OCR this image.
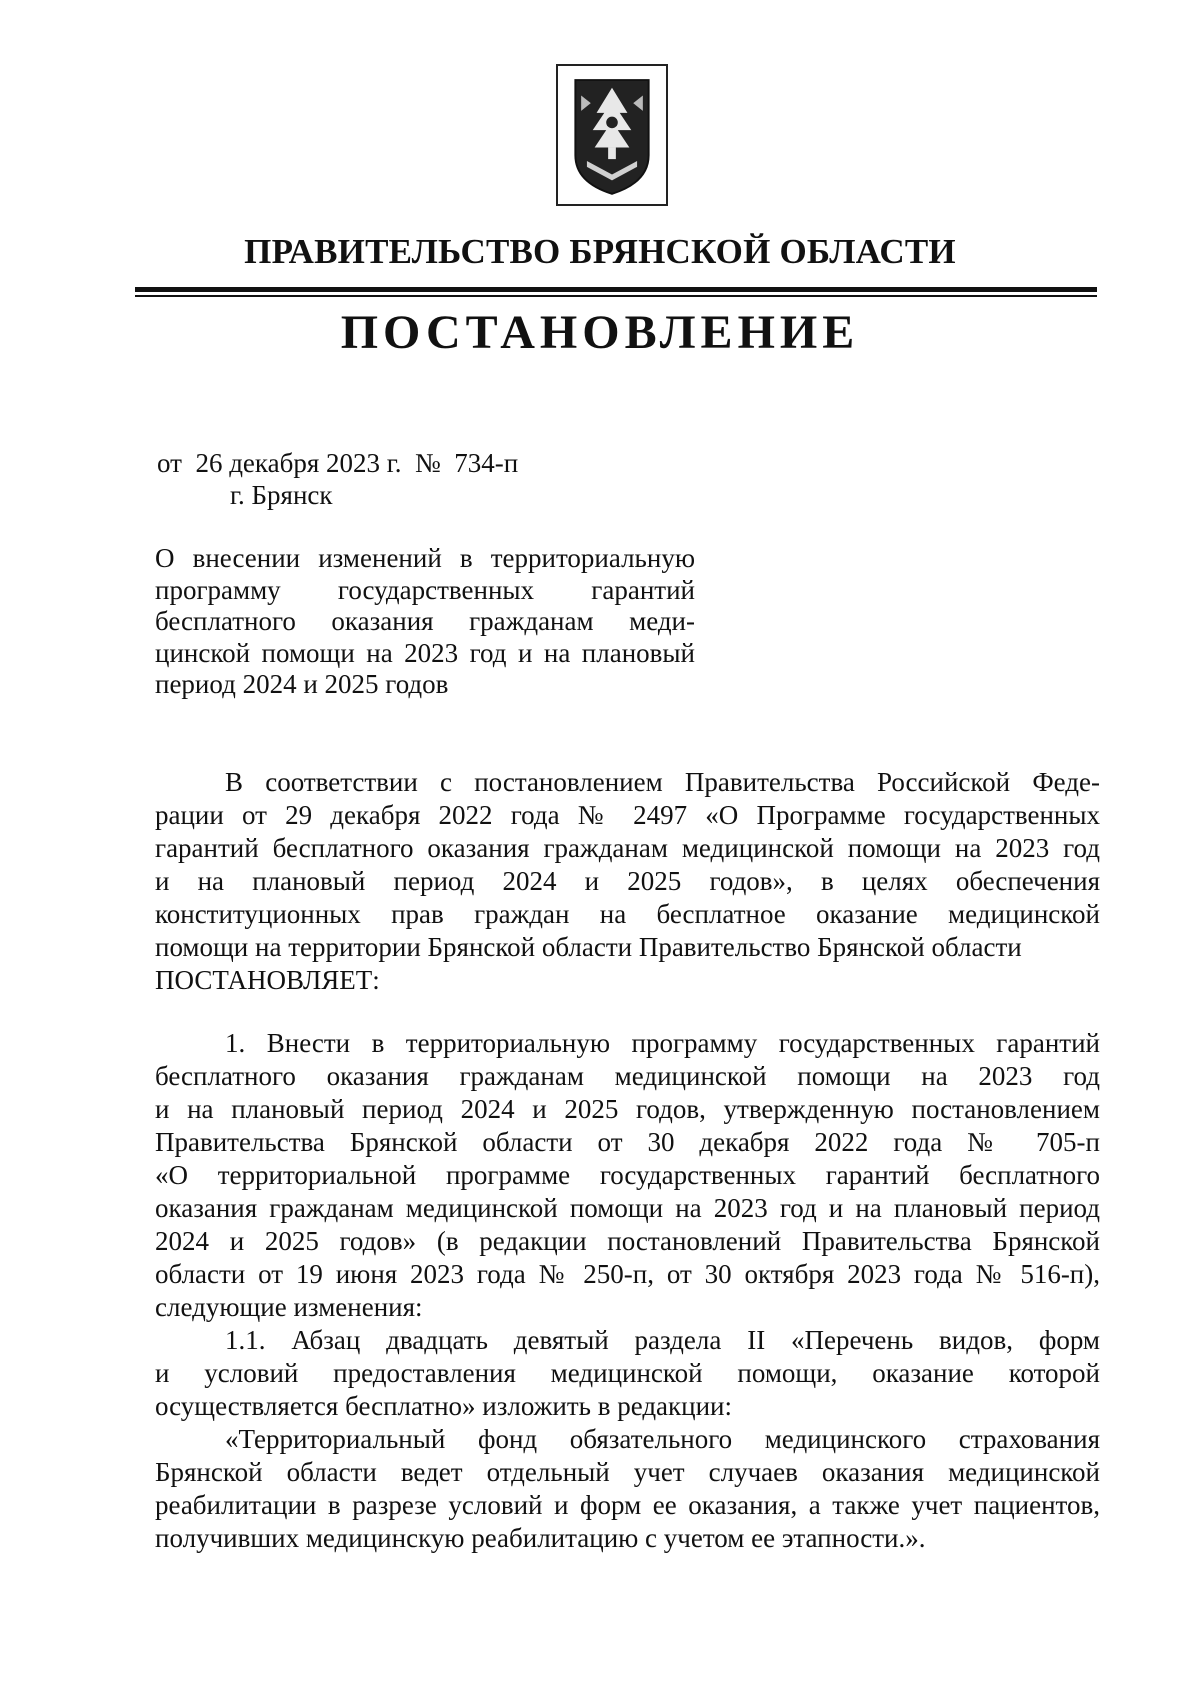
ПРАВИТЕЛЬСТВО БРЯНСКОЙ ОБЛАСТИ
ПОСТАНОВЛЕНИЕ
от  26 декабря 2023 г.  №  734-п
г. Брянск
О внесении изменений в территориальную
программу государственных гарантий
бесплатного оказания гражданам меди-
цинской помощи на 2023 год и на плановый
период 2024 и 2025 годов
В соответствии с постановлением Правительства Российской Феде-
рации от 29 декабря 2022 года № 2497 «О Программе государственных
гарантий бесплатного оказания гражданам медицинской помощи на 2023 год
и на плановый период 2024 и 2025 годов», в целях обеспечения
конституционных прав граждан на бесплатное оказание медицинской
помощи на территории Брянской области Правительство Брянской области
ПОСТАНОВЛЯЕТ:
1. Внести в территориальную программу государственных гарантий
бесплатного оказания гражданам медицинской помощи на 2023 год
и на плановый период 2024 и 2025 годов, утвержденную постановлением
Правительства Брянской области от 30 декабря 2022 года № 705-п
«О территориальной программе государственных гарантий бесплатного
оказания гражданам медицинской помощи на 2023 год и на плановый период
2024 и 2025 годов» (в редакции постановлений Правительства Брянской
области от 19 июня 2023 года № 250-п, от 30 октября 2023 года № 516-п),
следующие изменения:
1.1. Абзац двадцать девятый раздела II «Перечень видов, форм
и условий предоставления медицинской помощи, оказание которой
осуществляется бесплатно» изложить в редакции:
«Территориальный фонд обязательного медицинского страхования
Брянской области ведет отдельный учет случаев оказания медицинской
реабилитации в разрезе условий и форм ее оказания, а также учет пациентов,
получивших медицинскую реабилитацию с учетом ее этапности.».
